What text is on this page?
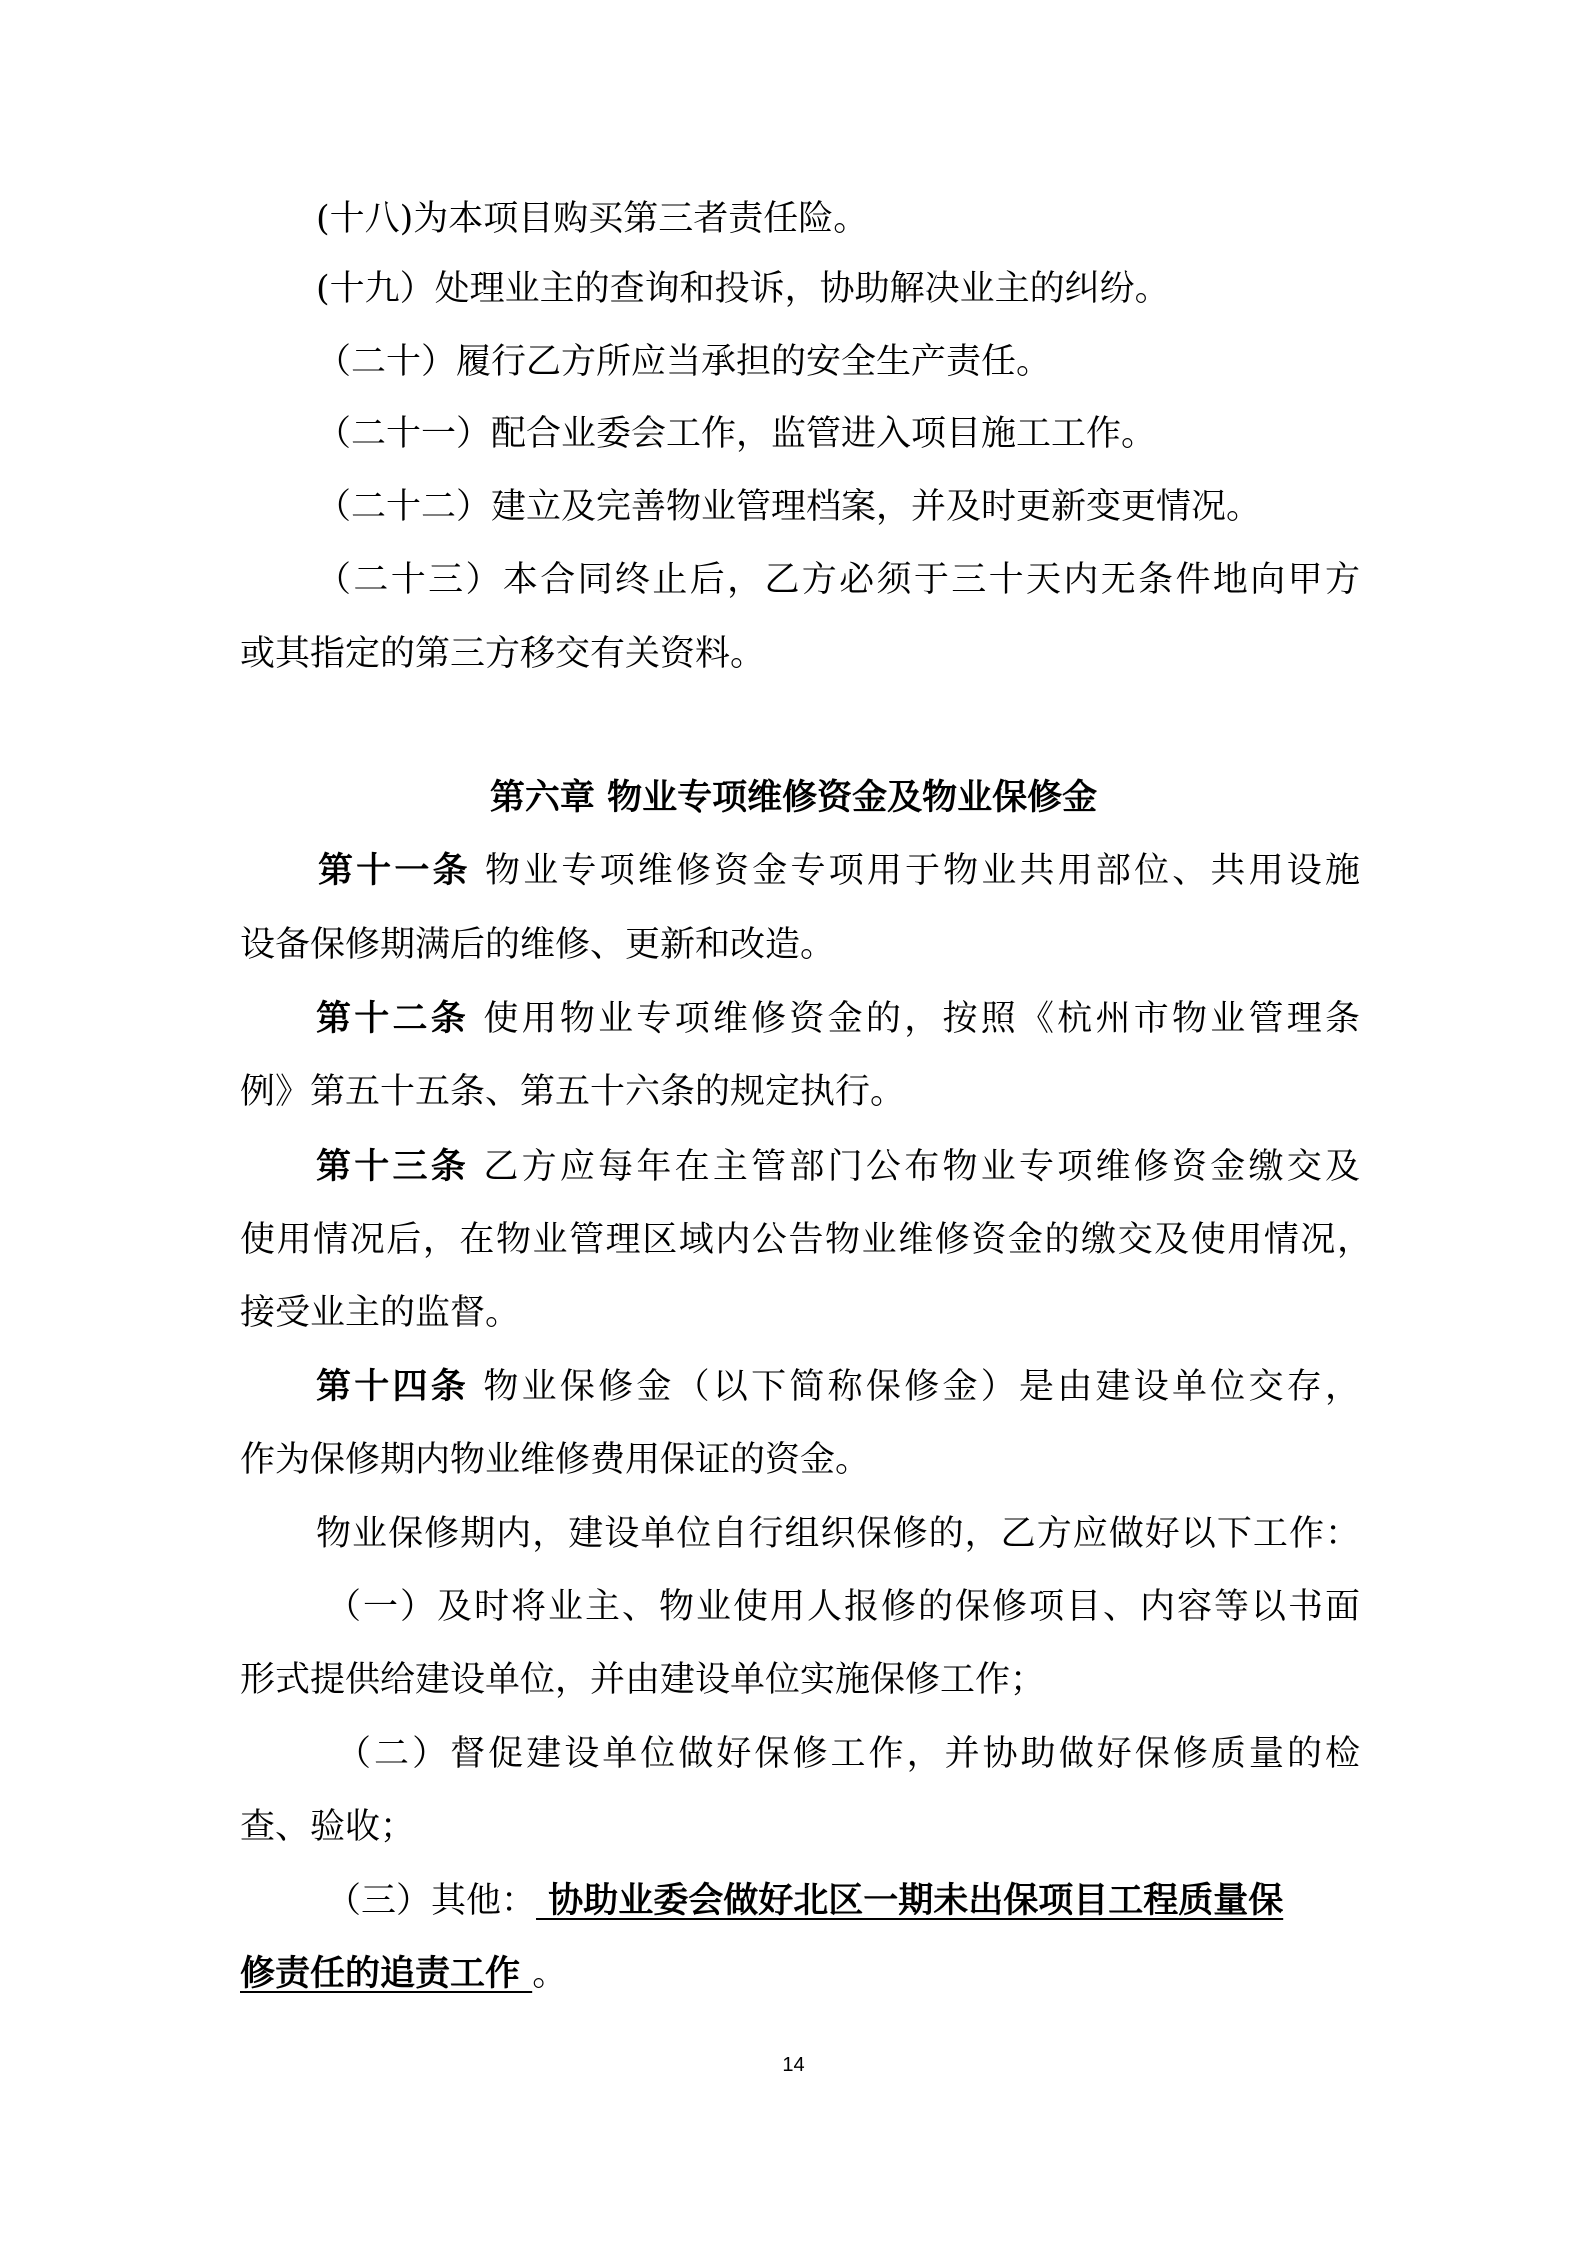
(十八)为本项目购买第三者责任险。
(十九）处理业主的查询和投诉，协助解决业主的纠纷。
（二十）履行乙方所应当承担的安全生产责任。
（二十一）配合业委会工作，监管进入项目施工工作。
（二十二）建立及完善物业管理档案，并及时更新变更情况。
（二十三）本合同终止后，乙方必须于三十天内无条件地向甲方
或其指定的第三方移交有关资料。
第六章 物业专项维修资金及物业保修金
第十一条 物业专项维修资金专项用于物业共用部位、共用设施
设备保修期满后的维修、更新和改造。
第十二条 使用物业专项维修资金的，按照《杭州市物业管理条
例》第五十五条、第五十六条的规定执行。
第十三条 乙方应每年在主管部门公布物业专项维修资金缴交及
使用情况后，在物业管理区域内公告物业维修资金的缴交及使用情况，
接受业主的监督。
第十四条 物业保修金（以下简称保修金）是由建设单位交存，
作为保修期内物业维修费用保证的资金。
物业保修期内，建设单位自行组织保修的，乙方应做好以下工作：
（一）及时将业主、物业使用人报修的保修项目、内容等以书面
形式提供给建设单位，并由建设单位实施保修工作；
（二）督促建设单位做好保修工作，并协助做好保修质量的检
查、验收；
（三）其他： 协助业委会做好北区一期未出保项目工程质量保
修责任的追责工作 。
14
